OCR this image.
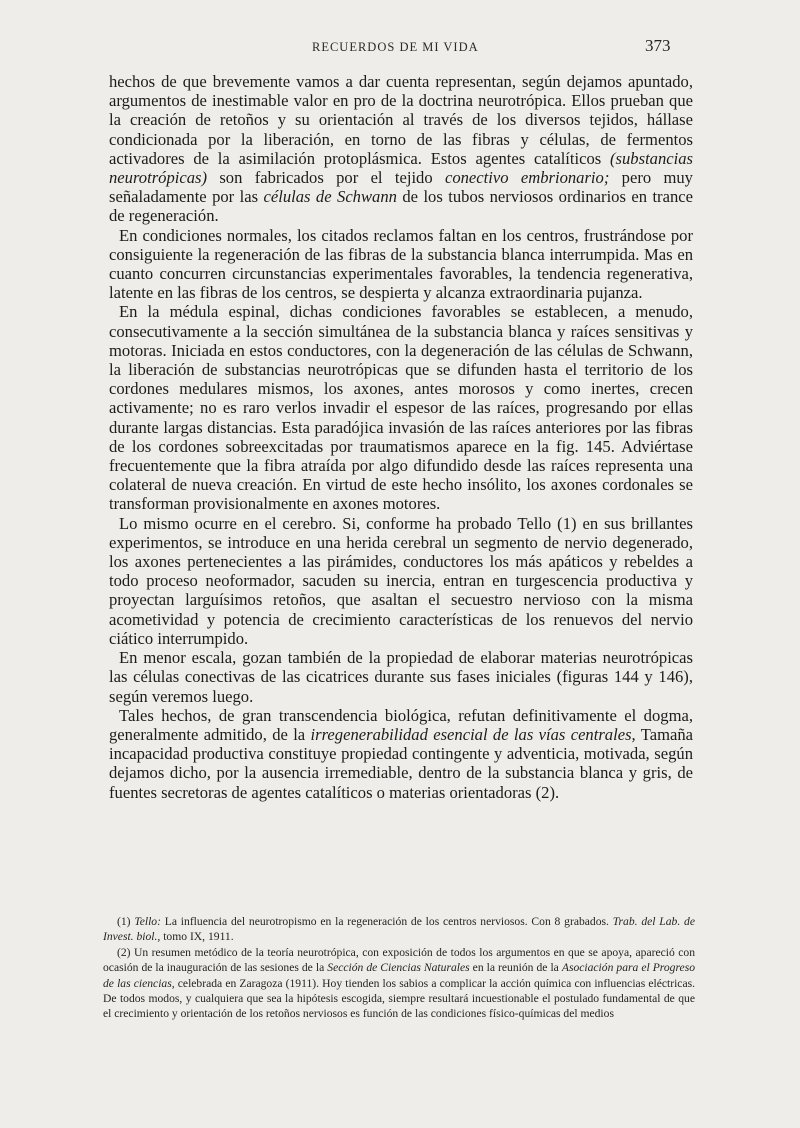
RECUERDOS DE MI VIDA	373

hechos de que brevemente vamos a dar cuenta representan, según dejamos apuntado, argumentos de inestimable valor en pro de la doctrina neurotrópica. Ellos prueban que la creación de retoños y su orientación al través de los diversos tejidos, hállase condicionada por la liberación, en torno de las fibras y células, de fermentos activadores de la asimilación protoplásmica. Estos agentes catalíticos (substancias neurotrópicas) son fabricados por el tejido conectivo embrionario; pero muy señaladamente por las células de Schwann de los tubos nerviosos ordinarios en trance de regeneración.

En condiciones normales, los citados reclamos faltan en los centros, frustrándose por consiguiente la regeneración de las fibras de la substancia blanca interrumpida. Mas en cuanto concurren circunstancias experimentales favorables, la tendencia regenerativa, latente en las fibras de los centros, se despierta y alcanza extraordinaria pujanza.

En la médula espinal, dichas condiciones favorables se establecen, a menudo, consecutivamente a la sección simultánea de la substancia blanca y raíces sensitivas y motoras. Iniciada en estos conductores, con la degeneración de las células de Schwann, la liberación de substancias neurotrópicas que se difunden hasta el territorio de los cordones medulares mismos, los axones, antes morosos y como inertes, crecen activamente; no es raro verlos invadir el espesor de las raíces, progresando por ellas durante largas distancias. Esta paradójica invasión de las raíces anteriores por las fibras de los cordones sobreexcitadas por traumatismos aparece en la fig. 145. Adviértase frecuentemente que la fibra atraída por algo difundido desde las raíces representa una colateral de nueva creación. En virtud de este hecho insólito, los axones cordonales se transforman provisionalmente en axones motores.

Lo mismo ocurre en el cerebro. Si, conforme ha probado Tello (1) en sus brillantes experimentos, se introduce en una herida cerebral un segmento de nervio degenerado, los axones pertenecientes a las pirámides, conductores los más apáticos y rebeldes a todo proceso neoformador, sacuden su inercia, entran en turgescencia productiva y proyectan larguísimos retoños, que asaltan el secuestro nervioso con la misma acometividad y potencia de crecimiento características de los renuevos del nervio ciático interrumpido.

En menor escala, gozan también de la propiedad de elaborar materias neurotrópicas las células conectivas de las cicatrices durante sus fases iniciales (figuras 144 y 146), según veremos luego.

Tales hechos, de gran transcendencia biológica, refutan definitivamente el dogma, generalmente admitido, de la irregenerabilidad esencial de las vías centrales, Tamaña incapacidad productiva constituye propiedad contingente y adventicia, motivada, según dejamos dicho, por la ausencia irremediable, dentro de la substancia blanca y gris, de fuentes secretoras de agentes catalíticos o materias orientadoras (2).

(1) Tello: La influencia del neurotropismo en la regeneración de los centros nerviosos. Con 8 grabados. Trab. del Lab. de Invest. biol., tomo IX, 1911.

(2) Un resumen metódico de la teoría neurotrópica, con exposición de todos los argumentos en que se apoya, apareció con ocasión de la inauguración de las sesiones de la Sección de Ciencias Naturales en la reunión de la Asociación para el Progreso de las ciencias, celebrada en Zaragoza (1911). Hoy tienden los sabios a complicar la acción química con influencias eléctricas. De todos modos, y cualquiera que sea la hipótesis escogida, siempre resultará incuestionable el postulado fundamental de que el crecimiento y orientación de los retoños nerviosos es función de las condiciones físico-químicas del medios
